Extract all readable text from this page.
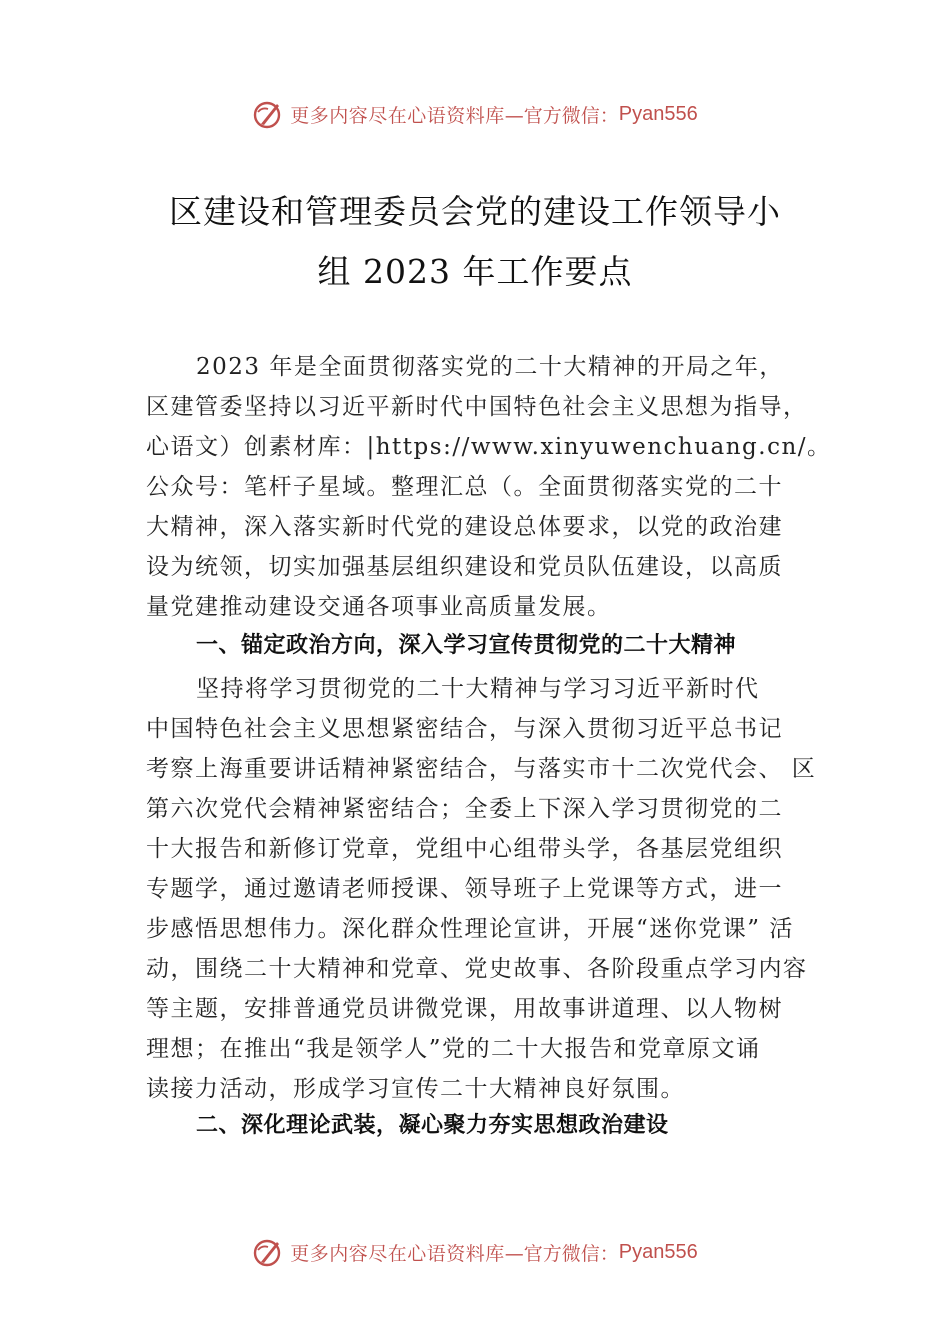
更多内容尽在心语资料库 —官方微信： Pyan556
区建设和管理委员会党的建设工作领导小
组 2023 年工作要点
2023 年是全面贯彻落实党的二十大精神的开局之年，
区建管委坚持以习近平新时代中国特色社会主义思想为指导，
心语文）创素材库：|https://www.xinyuwenchuang.cn/。
公众号：笔杆子星域。整理汇总（。全面贯彻落实党的二十
大精神，深入落实新时代党的建设总体要求，以党的政治建
设为统领，切实加强基层组织建设和党员队伍建设，以高质
量党建推动建设交通各项事业高质量发展。
一、锚定政治方向，深入学习宣传贯彻党的二十大精神
坚持将学习贯彻党的二十大精神与学习习近平新时代
中国特色社会主义思想紧密结合，与深入贯彻习近平总书记
考察上海重要讲话精神紧密结合，与落实市十二次党代会、 区
第六次党代会精神紧密结合；全委上下深入学习贯彻党的二
十大报告和新修订党章，党组中心组带头学，各基层党组织
专题学，通过邀请老师授课、领导班子上党课等方式，进一
步感悟思想伟力。深化群众性理论宣讲，开展“迷你党课” 活
动，围绕二十大精神和党章、党史故事、各阶段重点学习内容
等主题，安排普通党员讲微党课，用故事讲道理、以人物树
理想；在推出“我是领学人”党的二十大报告和党章原文诵
读接力活动，形成学习宣传二十大精神良好氛围。
二、深化理论武装，凝心聚力夯实思想政治建设
更多内容尽在心语资料库 —官方微信： Pyan556
